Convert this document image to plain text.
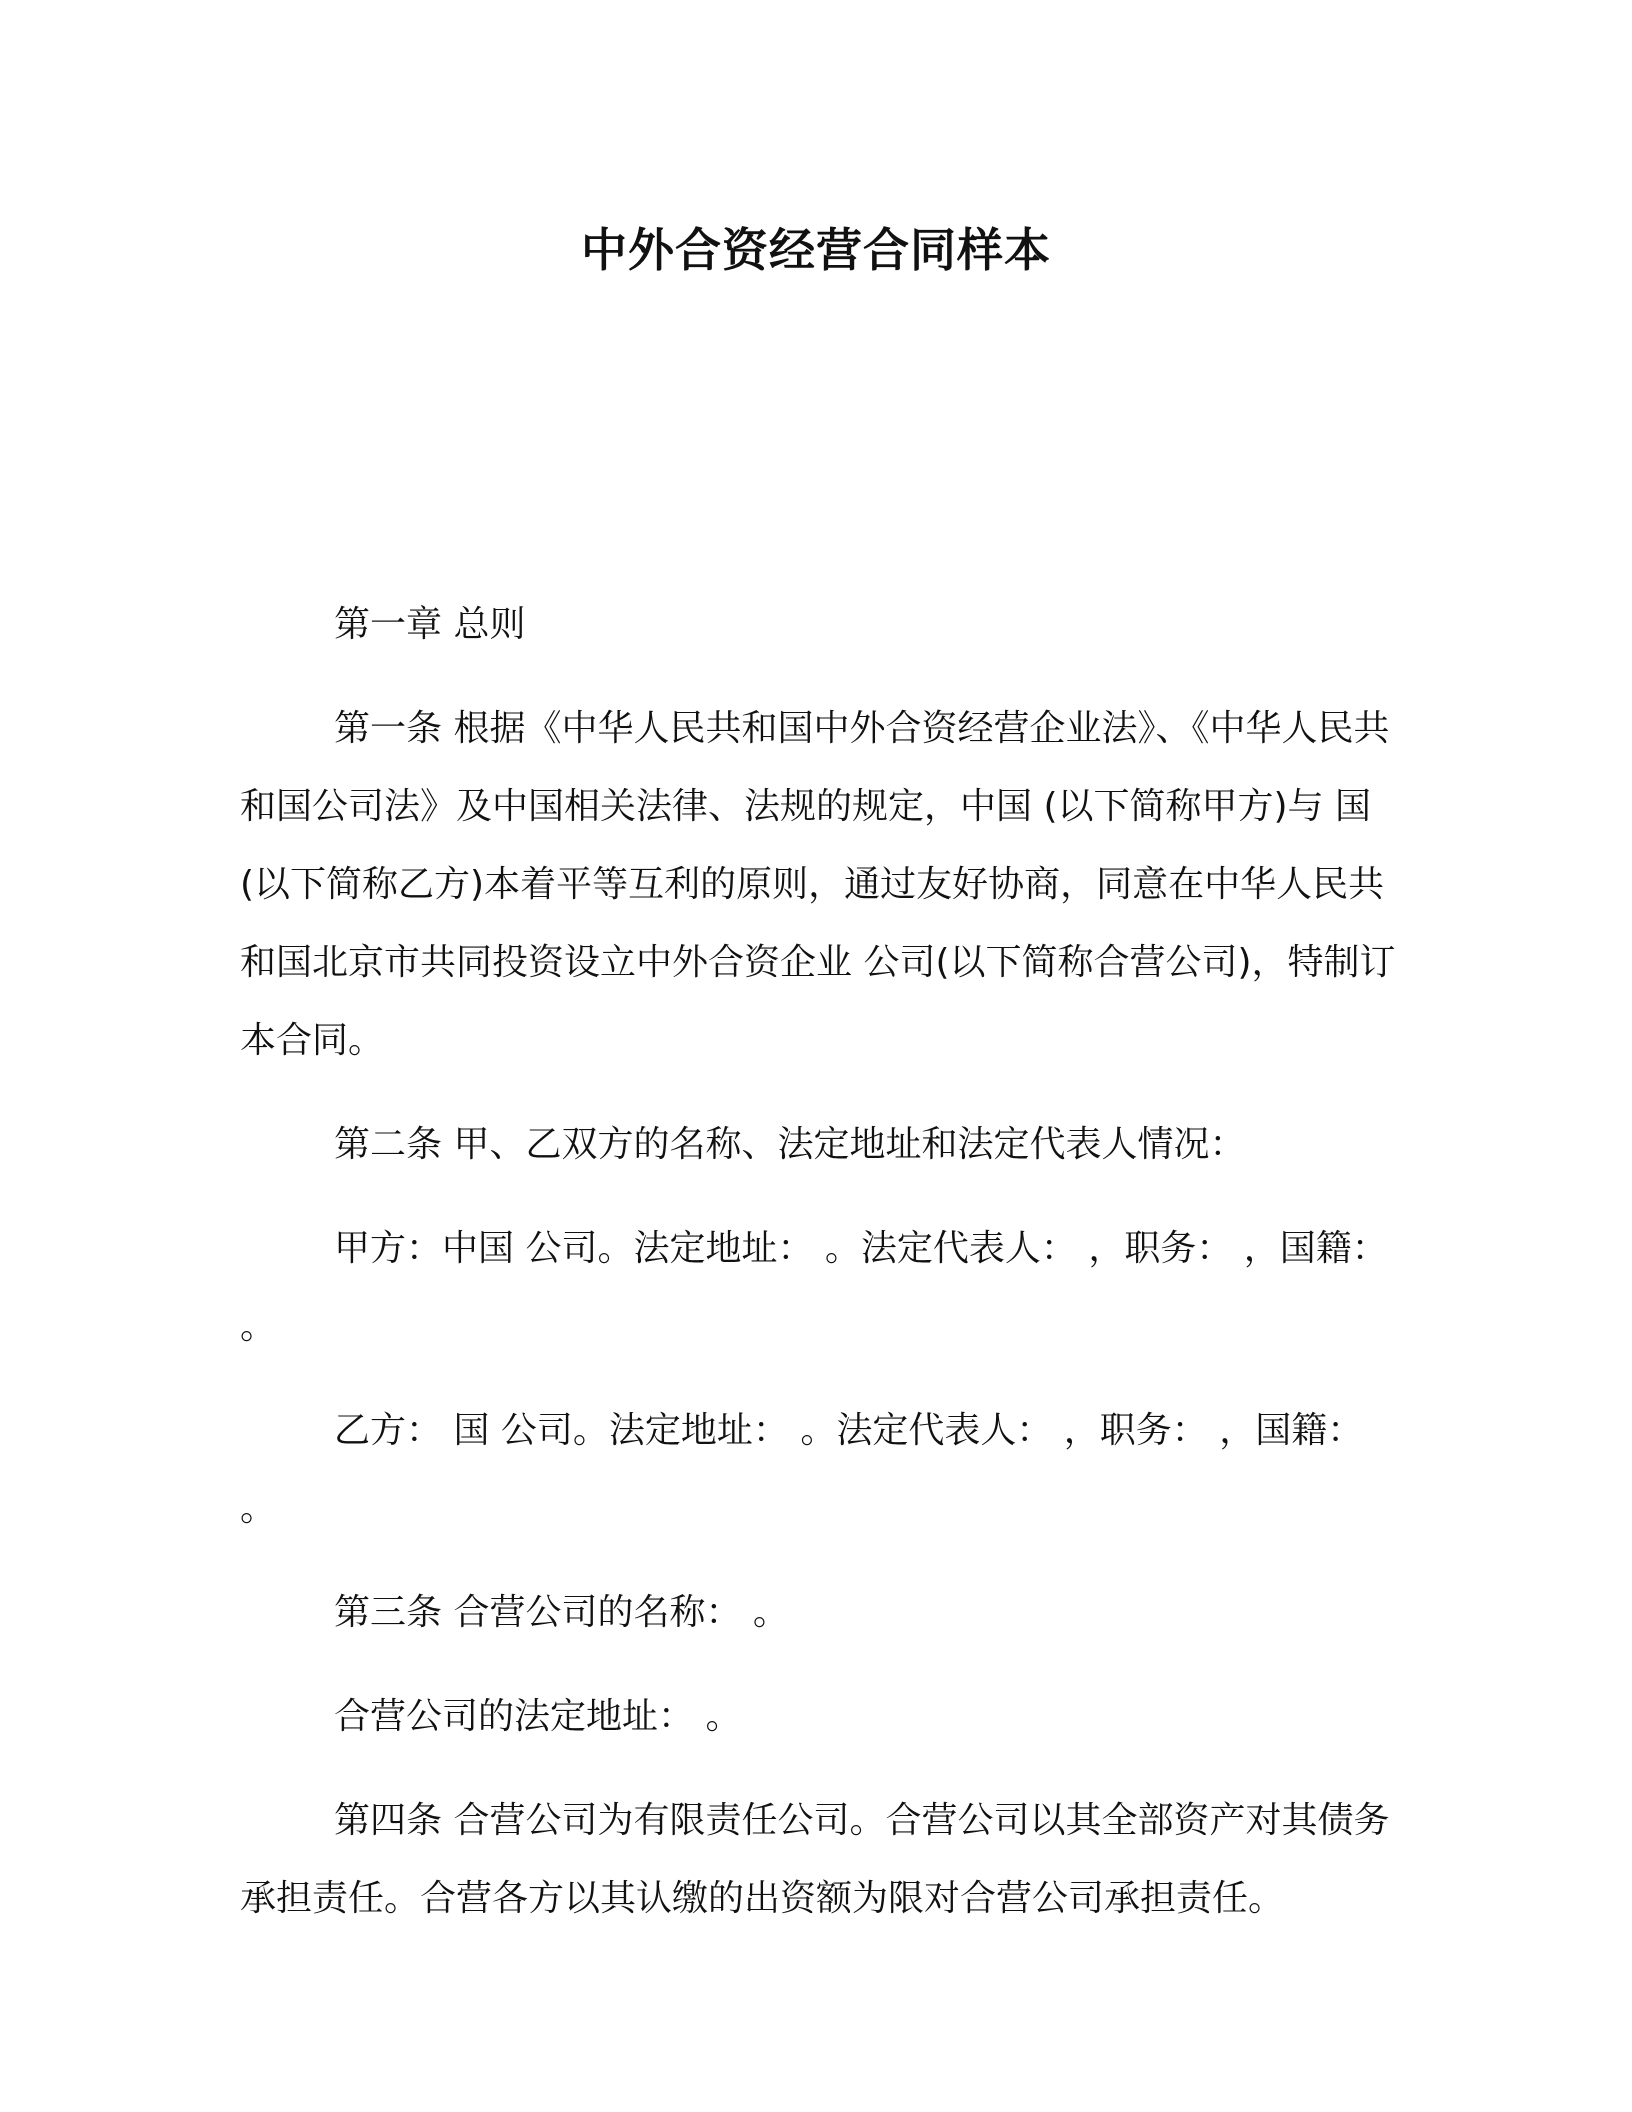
中外合资经营合同样本

第一章 总则

第一条 根据《中华人民共和国中外合资经营企业法》、《中华人民共和国公司法》及中国相关法律、法规的规定，中国 (以下简称甲方)与 国 (以下简称乙方)本着平等互利的原则，通过友好协商，同意在中华人民共和国北京市共同投资设立中外合资企业 公司(以下简称合营公司)，特制订本合同。

第二条 甲、乙双方的名称、法定地址和法定代表人情况：

甲方：中国 公司。法定地址： 。法定代表人： ，职务： ，国籍： 。

乙方： 国 公司。法定地址： 。法定代表人： ，职务： ，国籍： 。

第三条 合营公司的名称： 。

合营公司的法定地址： 。

第四条 合营公司为有限责任公司。合营公司以其全部资产对其债务承担责任。合营各方以其认缴的出资额为限对合营公司承担责任。
